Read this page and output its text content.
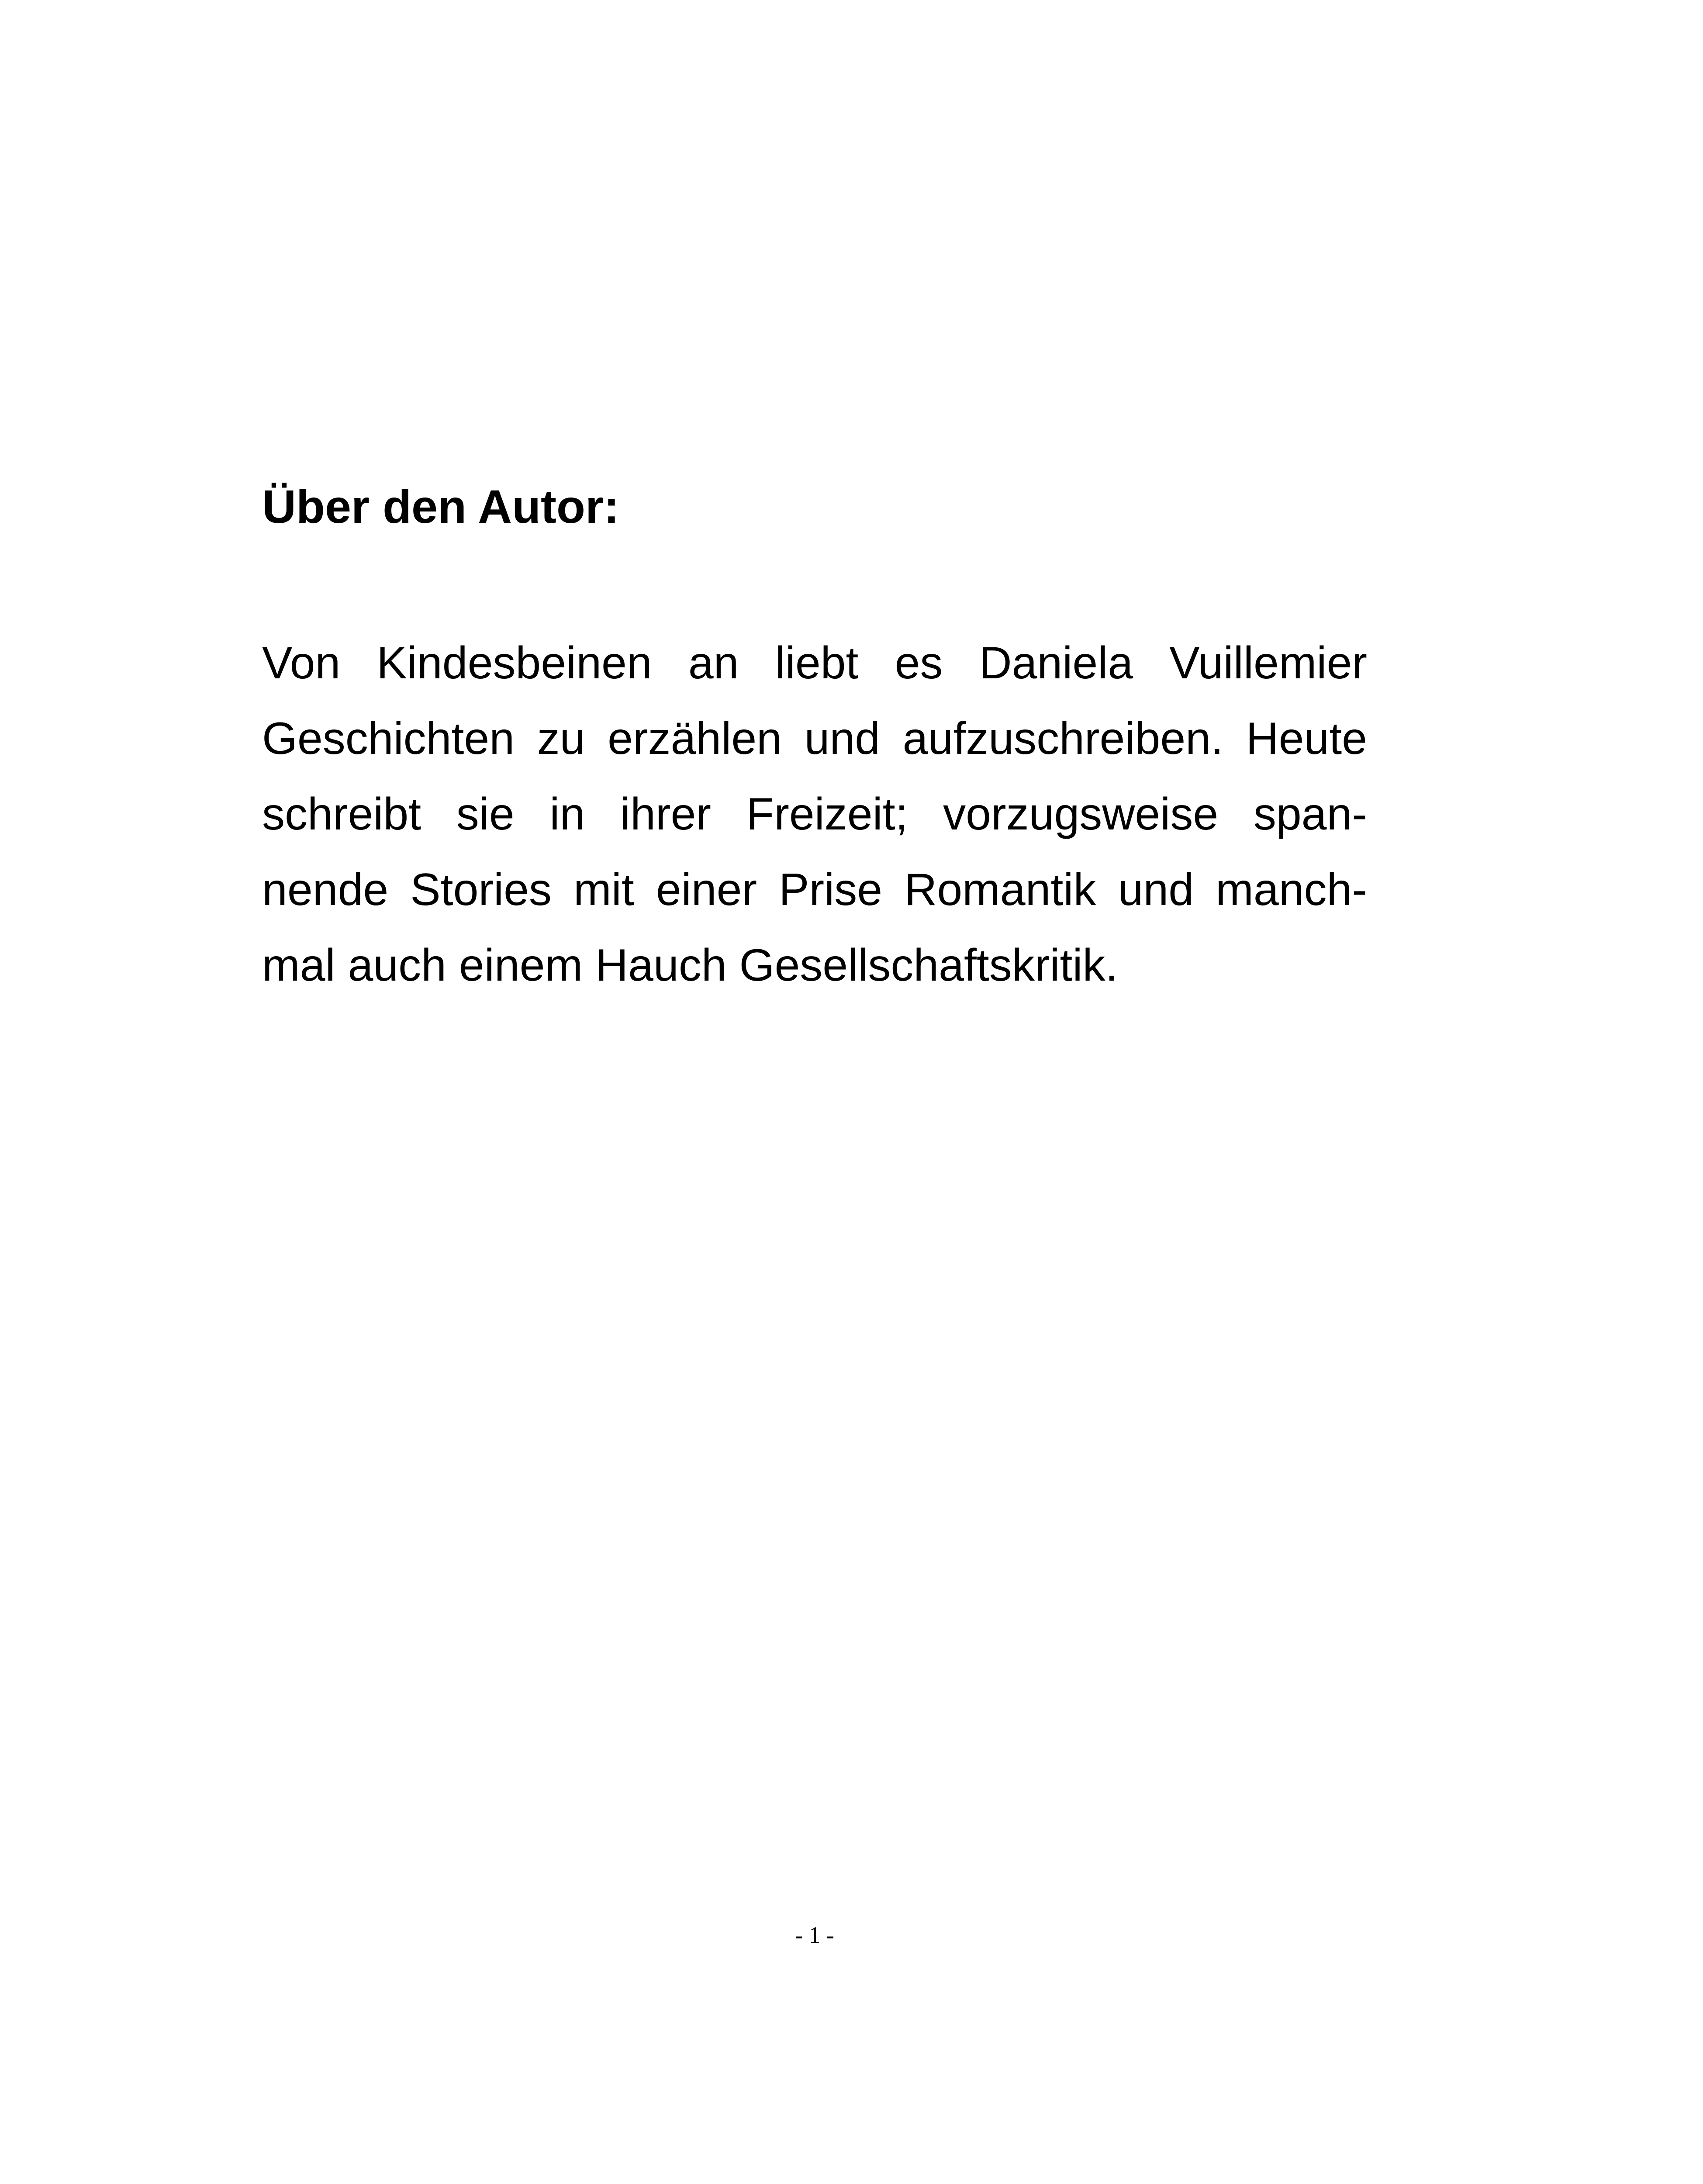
Über den Autor:
Von Kindesbeinen an liebt es Daniela Vuillemier
Geschichten zu erzählen und aufzuschreiben. Heute
schreibt sie in ihrer Freizeit; vorzugsweise span-
nende Stories mit einer Prise Romantik und manch-
mal auch einem Hauch Gesellschaftskritik.
- 1 -
